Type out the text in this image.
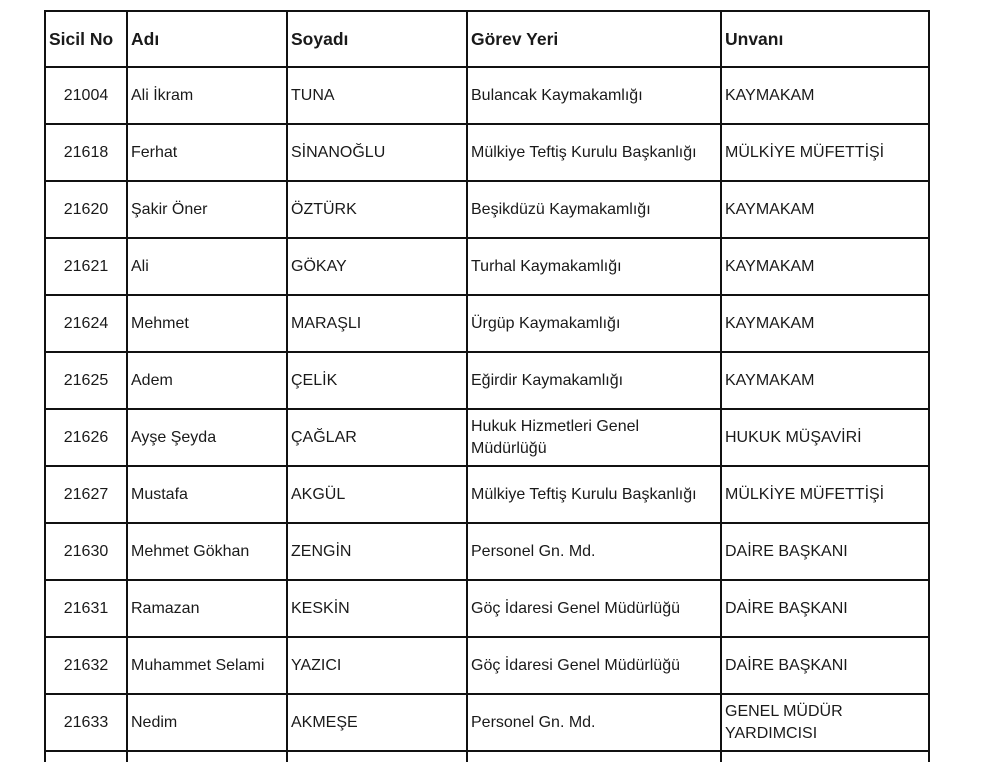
Sicil No	Adı	Soyadı	Görev Yeri	Unvanı
21004	Ali İkram	TUNA	Bulancak Kaymakamlığı	KAYMAKAM
21618	Ferhat	SİNANOĞLU	Mülkiye Teftiş Kurulu Başkanlığı	MÜLKİYE MÜFETTİŞİ
21620	Şakir Öner	ÖZTÜRK	Beşikdüzü Kaymakamlığı	KAYMAKAM
21621	Ali	GÖKAY	Turhal Kaymakamlığı	KAYMAKAM
21624	Mehmet	MARAŞLI	Ürgüp Kaymakamlığı	KAYMAKAM
21625	Adem	ÇELİK	Eğirdir Kaymakamlığı	KAYMAKAM
21626	Ayşe Şeyda	ÇAĞLAR	Hukuk Hizmetleri Genel Müdürlüğü	HUKUK MÜŞAVİRİ
21627	Mustafa	AKGÜL	Mülkiye Teftiş Kurulu Başkanlığı	MÜLKİYE MÜFETTİŞİ
21630	Mehmet Gökhan	ZENGİN	Personel Gn. Md.	DAİRE BAŞKANI
21631	Ramazan	KESKİN	Göç İdaresi Genel Müdürlüğü	DAİRE BAŞKANI
21632	Muhammet Selami	YAZICI	Göç İdaresi Genel Müdürlüğü	DAİRE BAŞKANI
21633	Nedim	AKMEŞE	Personel Gn. Md.	GENEL MÜDÜR YARDIMCISI
